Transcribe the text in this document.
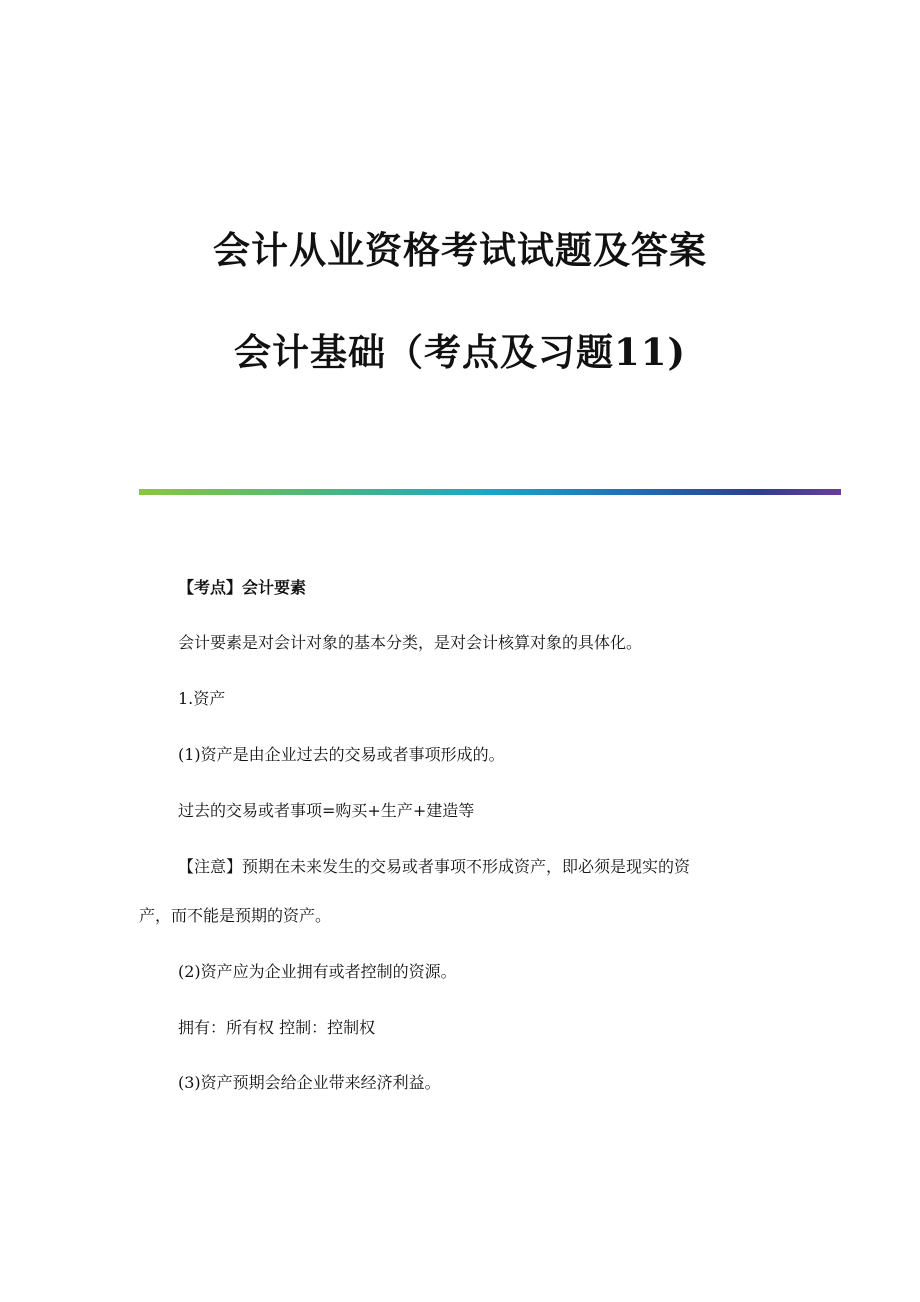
会计从业资格考试试题及答案
会计基础（考点及习题11)

【考点】会计要素

会计要素是对会计对象的基本分类，是对会计核算对象的具体化。

1.资产

(1)资产是由企业过去的交易或者事项形成的。

过去的交易或者事项=购买+生产+建造等

【注意】预期在未来发生的交易或者事项不形成资产，即必须是现实的资

产，而不能是预期的资产。

(2)资产应为企业拥有或者控制的资源。

拥有：所有权 控制：控制权

(3)资产预期会给企业带来经济利益。
